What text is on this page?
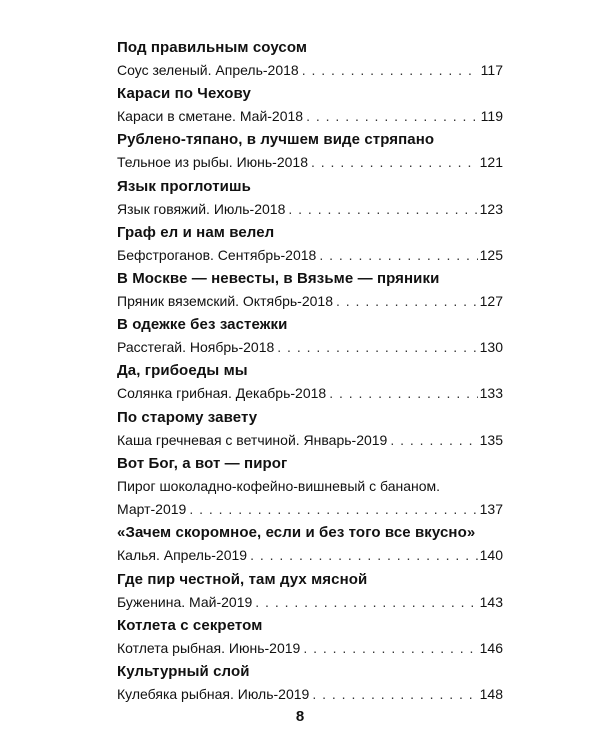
Под правильным соусом
Соус зеленый. Апрель-2018 . . .	117
Караси по Чехову
Караси в сметане. Май-2018 . . .	119
Рублено-тяпано, в лучшем виде стряпано
Тельное из рыбы. Июнь-2018 . . .	121
Язык проглотишь
Язык говяжий. Июль-2018 . . .	123
Граф ел и нам велел
Бефстроганов. Сентябрь-2018 . . .	125
В Москве — невесты, в Вязьме — пряники
Пряник вяземский. Октябрь-2018 . . .	127
В одежке без застежки
Расстегай. Ноябрь-2018 . . .	130
Да, грибоеды мы
Солянка грибная. Декабрь-2018 . . .	133
По старому завету
Каша гречневая с ветчиной. Январь-2019 . . .	135
Вот Бог, а вот — пирог
Пирог шоколадно-кофейно-вишневый с бананом.
Март-2019 . . .	137
«Зачем скоромное, если и без того все вкусно»
Калья. Апрель-2019 . . .	140
Где пир честной, там дух мясной
Буженина. Май-2019 . . .	143
Котлета с секретом
Котлета рыбная. Июнь-2019 . . .	146
Культурный слой
Кулебяка рыбная. Июль-2019 . . .	148
8
